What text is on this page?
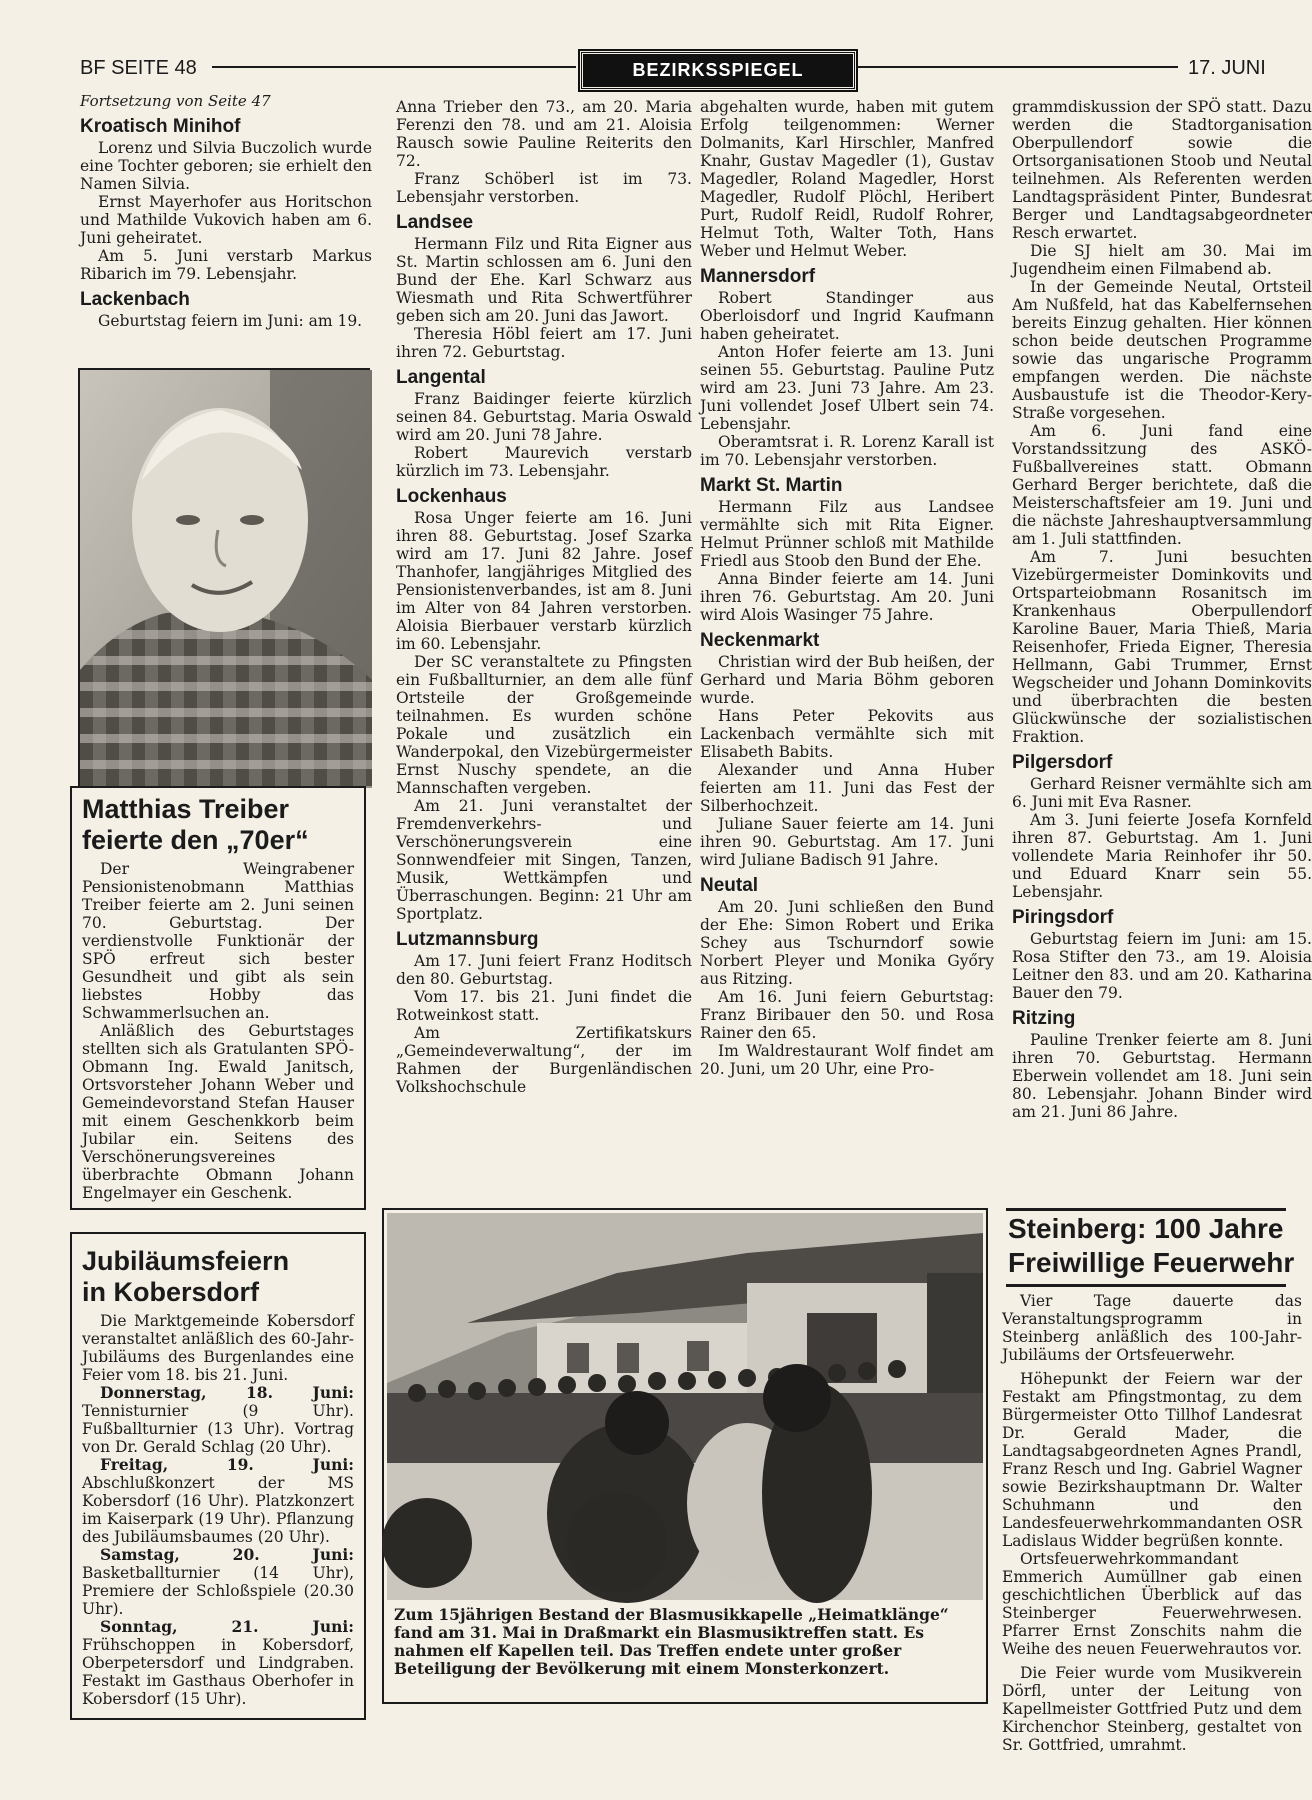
BF SEITE 48	BEZIRKSSPIEGEL	17. JUNI

Fortsetzung von Seite 47

Kroatisch Minihof

Lorenz und Silvia Buczolich wurde eine Tochter geboren; sie erhielt den Namen Silvia.

Ernst Mayerhofer aus Horitschon und Mathilde Vukovich haben am 6. Juni geheiratet.

Am 5. Juni verstarb Markus Ribarich im 79. Lebensjahr.

Lackenbach

Geburtstag feiern im Juni: am 19.

Matthias Treiber
feierte den „70er“

Der Weingrabener Pensionistenobmann Matthias Treiber feierte am 2. Juni seinen 70. Geburtstag. Der verdienstvolle Funktionär der SPÖ erfreut sich bester Gesundheit und gibt als sein liebstes Hobby das Schwammerlsuchen an.

Anläßlich des Geburtstages stellten sich als Gratulanten SPÖ-Obmann Ing. Ewald Janitsch, Ortsvorsteher Johann Weber und Gemeindevorstand Stefan Hauser mit einem Geschenkkorb beim Jubilar ein. Seitens des Verschönerungsvereines überbrachte Obmann Johann Engelmayer ein Geschenk.

Jubiläumsfeiern
in Kobersdorf

Die Marktgemeinde Kobersdorf veranstaltet anläßlich des 60-Jahr-Jubiläums des Burgenlandes eine Feier vom 18. bis 21. Juni.

Donnerstag, 18. Juni: Tennisturnier (9 Uhr). Fußballturnier (13 Uhr). Vortrag von Dr. Gerald Schlag (20 Uhr).

Freitag, 19. Juni: Abschlußkonzert der MS Kobersdorf (16 Uhr). Platzkonzert im Kaiserpark (19 Uhr). Pflanzung des Jubiläumsbaumes (20 Uhr).

Samstag, 20. Juni: Basketballturnier (14 Uhr), Premiere der Schloßspiele (20.30 Uhr).

Sonntag, 21. Juni: Frühschoppen in Kobersdorf, Oberpetersdorf und Lindgraben. Festakt im Gasthaus Oberhofer in Kobersdorf (15 Uhr).

Anna Trieber den 73., am 20. Maria Ferenzi den 78. und am 21. Aloisia Rausch sowie Pauline Reiterits den 72.

Franz Schöberl ist im 73. Lebensjahr verstorben.

Landsee

Hermann Filz und Rita Eigner aus St. Martin schlossen am 6. Juni den Bund der Ehe. Karl Schwarz aus Wiesmath und Rita Schwertführer geben sich am 20. Juni das Jawort.

Theresia Höbl feiert am 17. Juni ihren 72. Geburtstag.

Langental

Franz Baidinger feierte kürzlich seinen 84. Geburtstag. Maria Oswald wird am 20. Juni 78 Jahre.

Robert Maurevich verstarb kürzlich im 73. Lebensjahr.

Lockenhaus

Rosa Unger feierte am 16. Juni ihren 88. Geburtstag. Josef Szarka wird am 17. Juni 82 Jahre. Josef Thanhofer, langjähriges Mitglied des Pensionistenverbandes, ist am 8. Juni im Alter von 84 Jahren verstorben. Aloisia Bierbauer verstarb kürzlich im 60. Lebensjahr.

Der SC veranstaltete zu Pfingsten ein Fußballturnier, an dem alle fünf Ortsteile der Großgemeinde teilnahmen. Es wurden schöne Pokale und zusätzlich ein Wanderpokal, den Vizebürgermeister Ernst Nuschy spendete, an die Mannschaften vergeben.

Am 21. Juni veranstaltet der Fremdenverkehrs- und Verschönerungsverein eine Sonnwendfeier mit Singen, Tanzen, Musik, Wettkämpfen und Überraschungen. Beginn: 21 Uhr am Sportplatz.

Lutzmannsburg

Am 17. Juni feiert Franz Hoditsch den 80. Geburtstag.

Vom 17. bis 21. Juni findet die Rotweinkost statt.

Am Zertifikatskurs „Gemeindeverwaltung“, der im Rahmen der Burgenländischen Volkshochschule

abgehalten wurde, haben mit gutem Erfolg teilgenommen: Werner Dolmanits, Karl Hirschler, Manfred Knahr, Gustav Magedler (1), Gustav Magedler, Roland Magedler, Horst Magedler, Rudolf Plöchl, Heribert Purt, Rudolf Reidl, Rudolf Rohrer, Helmut Toth, Walter Toth, Hans Weber und Helmut Weber.

Mannersdorf

Robert Standinger aus Oberloisdorf und Ingrid Kaufmann haben geheiratet.

Anton Hofer feierte am 13. Juni seinen 55. Geburtstag. Pauline Putz wird am 23. Juni 73 Jahre. Am 23. Juni vollendet Josef Ulbert sein 74. Lebensjahr.

Oberamtsrat i. R. Lorenz Karall ist im 70. Lebensjahr verstorben.

Markt St. Martin

Hermann Filz aus Landsee vermählte sich mit Rita Eigner. Helmut Prünner schloß mit Mathilde Friedl aus Stoob den Bund der Ehe.

Anna Binder feierte am 14. Juni ihren 76. Geburtstag. Am 20. Juni wird Alois Wasinger 75 Jahre.

Neckenmarkt

Christian wird der Bub heißen, der Gerhard und Maria Böhm geboren wurde.

Hans Peter Pekovits aus Lackenbach vermählte sich mit Elisabeth Babits.

Alexander und Anna Huber feierten am 11. Juni das Fest der Silberhochzeit.

Juliane Sauer feierte am 14. Juni ihren 90. Geburtstag. Am 17. Juni wird Juliane Badisch 91 Jahre.

Neutal

Am 20. Juni schließen den Bund der Ehe: Simon Robert und Erika Schey aus Tschurndorf sowie Norbert Pleyer und Monika Győry aus Ritzing.

Am 16. Juni feiern Geburtstag: Franz Biribauer den 50. und Rosa Rainer den 65.

Im Waldrestaurant Wolf findet am 20. Juni, um 20 Uhr, eine Pro-

grammdiskussion der SPÖ statt. Dazu werden die Stadtorganisation Oberpullendorf sowie die Ortsorganisationen Stoob und Neutal teilnehmen. Als Referenten werden Landtagspräsident Pinter, Bundesrat Berger und Landtagsabgeordneter Resch erwartet.

Die SJ hielt am 30. Mai im Jugendheim einen Filmabend ab.

In der Gemeinde Neutal, Ortsteil Am Nußfeld, hat das Kabelfernsehen bereits Einzug gehalten. Hier können schon beide deutschen Programme sowie das ungarische Programm empfangen werden. Die nächste Ausbaustufe ist die Theodor-Kery-Straße vorgesehen.

Am 6. Juni fand eine Vorstandssitzung des ASKÖ-Fußballvereines statt. Obmann Gerhard Berger berichtete, daß die Meisterschaftsfeier am 19. Juni und die nächste Jahreshauptversammlung am 1. Juli stattfinden.

Am 7. Juni besuchten Vizebürgermeister Dominkovits und Ortsparteiobmann Rosanitsch im Krankenhaus Oberpullendorf Karoline Bauer, Maria Thieß, Maria Reisenhofer, Frieda Eigner, Theresia Hellmann, Gabi Trummer, Ernst Wegscheider und Johann Dominkovits und überbrachten die besten Glückwünsche der sozialistischen Fraktion.

Pilgersdorf

Gerhard Reisner vermählte sich am 6. Juni mit Eva Rasner.

Am 3. Juni feierte Josefa Kornfeld ihren 87. Geburtstag. Am 1. Juni vollendete Maria Reinhofer ihr 50. und Eduard Knarr sein 55. Lebensjahr.

Piringsdorf

Geburtstag feiern im Juni: am 15. Rosa Stifter den 73., am 19. Aloisia Leitner den 83. und am 20. Katharina Bauer den 79.

Ritzing

Pauline Trenker feierte am 8. Juni ihren 70. Geburtstag. Hermann Eberwein vollendet am 18. Juni sein 80. Lebensjahr. Johann Binder wird am 21. Juni 86 Jahre.

Zum 15jährigen Bestand der Blasmusikkapelle „Heimatklänge“ fand am 31. Mai in Draßmarkt ein Blasmusiktreffen statt. Es nahmen elf Kapellen teil. Das Treffen endete unter großer Beteiligung der Bevölkerung mit einem Monsterkonzert.
Steinberg: 100 Jahre
Freiwillige Feuerwehr

Vier Tage dauerte das Veranstaltungsprogramm in Steinberg anläßlich des 100-Jahr-Jubiläums der Ortsfeuerwehr.

Höhepunkt der Feiern war der Festakt am Pfingstmontag, zu dem Bürgermeister Otto Tillhof Landesrat Dr. Gerald Mader, die Landtagsabgeordneten Agnes Prandl, Franz Resch und Ing. Gabriel Wagner sowie Bezirkshauptmann Dr. Walter Schuhmann und den Landesfeuerwehrkommandanten OSR Ladislaus Widder begrüßen konnte.

Ortsfeuerwehrkommandant Emmerich Aumüllner gab einen geschichtlichen Überblick auf das Steinberger Feuerwehrwesen. Pfarrer Ernst Zonschits nahm die Weihe des neuen Feuerwehrautos vor.

Die Feier wurde vom Musikverein Dörfl, unter der Leitung von Kapellmeister Gottfried Putz und dem Kirchenchor Steinberg, gestaltet von Sr. Gottfried, umrahmt.
